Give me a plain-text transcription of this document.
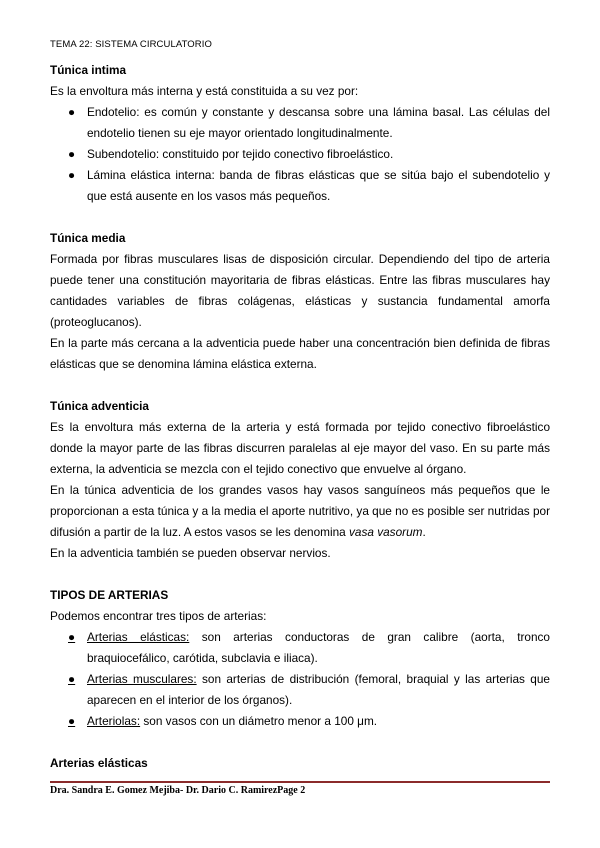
TEMA 22: SISTEMA CIRCULATORIO
Túnica intima

Es la envoltura más interna y está constituida a su vez por:

● Endotelio: es común y constante y descansa sobre una lámina basal. Las células del endotelio tienen su eje mayor orientado longitudinalmente.
● Subendotelio: constituido por tejido conectivo fibroelástico.
● Lámina elástica interna: banda de fibras elásticas que se sitúa bajo el subendotelio y que está ausente en los vasos más pequeños.
Túnica media

Formada por fibras musculares lisas de disposición circular. Dependiendo del tipo de arteria puede tener una constitución mayoritaria de fibras elásticas. Entre las fibras musculares hay cantidades variables de fibras colágenas, elásticas y sustancia fundamental amorfa (proteoglucanos).

En la parte más cercana a la adventicia puede haber una concentración bien definida de fibras elásticas que se denomina lámina elástica externa.

Túnica adventicia

Es la envoltura más externa de la arteria y está formada por tejido conectivo fibroelástico donde la mayor parte de las fibras discurren paralelas al eje mayor del vaso. En su parte más externa, la adventicia se mezcla con el tejido conectivo que envuelve al órgano.

En la túnica adventicia de los grandes vasos hay vasos sanguíneos más pequeños que le proporcionan a esta túnica y a la media el aporte nutritivo, ya que no es posible ser nutridas por difusión a partir de la luz. A estos vasos se les denomina vasa vasorum.

En la adventicia también se pueden observar nervios.

TIPOS DE ARTERIAS

Podemos encontrar tres tipos de arterias:

● Arterias elásticas: son arterias conductoras de gran calibre (aorta, tronco braquiocefálico, carótida, subclavia e iliaca).
● Arterias musculares: son arterias de distribución (femoral, braquial y las arterias que aparecen en el interior de los órganos).
● Arteriolas: son vasos con un diámetro menor a 100 μm.
Arterias elásticas
Dra. Sandra E. Gomez Mejiba- Dr. Dario C. RamirezPage 2
